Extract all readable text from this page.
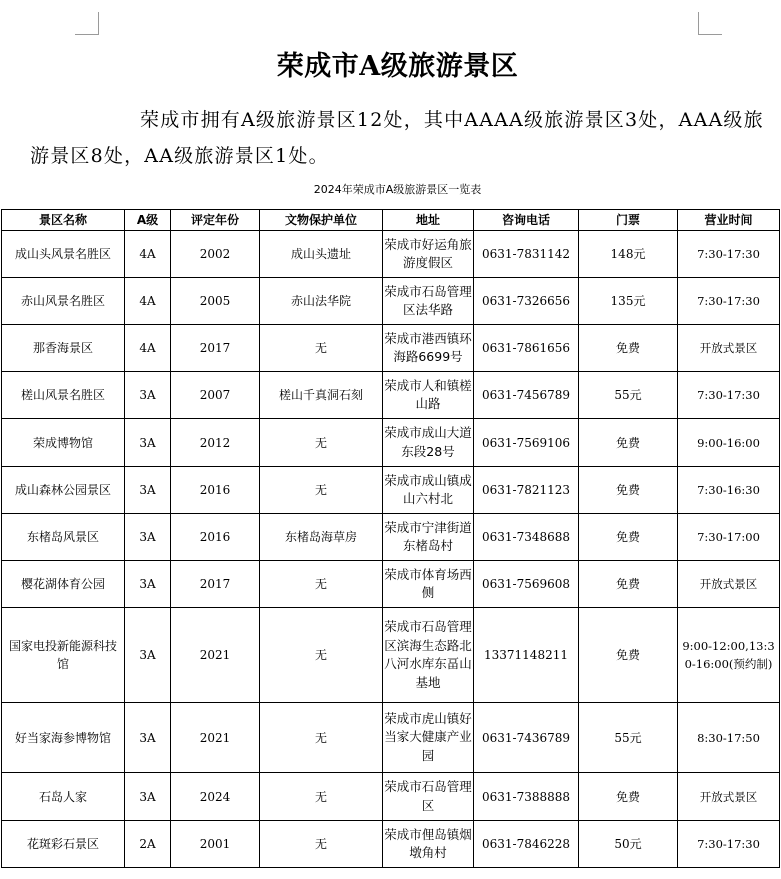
荣成市A级旅游景区

荣成市拥有A级旅游景区12处，其中AAAA级旅游景区3处，AAA级旅游景区8处，AA级旅游景区1处。

2024年荣成市A级旅游景区一览表
景区名称	A级	评定年份	文物保护单位	地址	咨询电话	门票	营业时间
成山头风景名胜区	4A	2002	成山头遗址	荣成市好运角旅游度假区	0631-7831142	148元	7:30-17:30
赤山风景名胜区	4A	2005	赤山法华院	荣成市石岛管理区法华路	0631-7326656	135元	7:30-17:30
那香海景区	4A	2017	无	荣成市港西镇环海路6699号	0631-7861656	免费	开放式景区
槎山风景名胜区	3A	2007	槎山千真洞石刻	荣成市人和镇槎山路	0631-7456789	55元	7:30-17:30
荣成博物馆	3A	2012	无	荣成市成山大道东段28号	0631-7569106	免费	9:00-16:00
成山森林公园景区	3A	2016	无	荣成市成山镇成山六村北	0631-7821123	免费	7:30-16:30
东楮岛风景区	3A	2016	东楮岛海草房	荣成市宁津街道东楮岛村	0631-7348688	免费	7:30-17:00
樱花湖体育公园	3A	2017	无	荣成市体育场西侧	0631-7569608	免费	开放式景区
国家电投新能源科技馆	3A	2021	无	荣成市石岛管理区滨海生态路北八河水库东畐山基地	13371148211	免费	9:00-12:00,13:30-16:00(预约制)
好当家海参博物馆	3A	2021	无	荣成市虎山镇好当家大健康产业园	0631-7436789	55元	8:30-17:50
石岛人家	3A	2024	无	荣成市石岛管理区	0631-7388888	免费	开放式景区
花斑彩石景区	2A	2001	无	荣成市俚岛镇烟墩角村	0631-7846228	50元	7:30-17:30
